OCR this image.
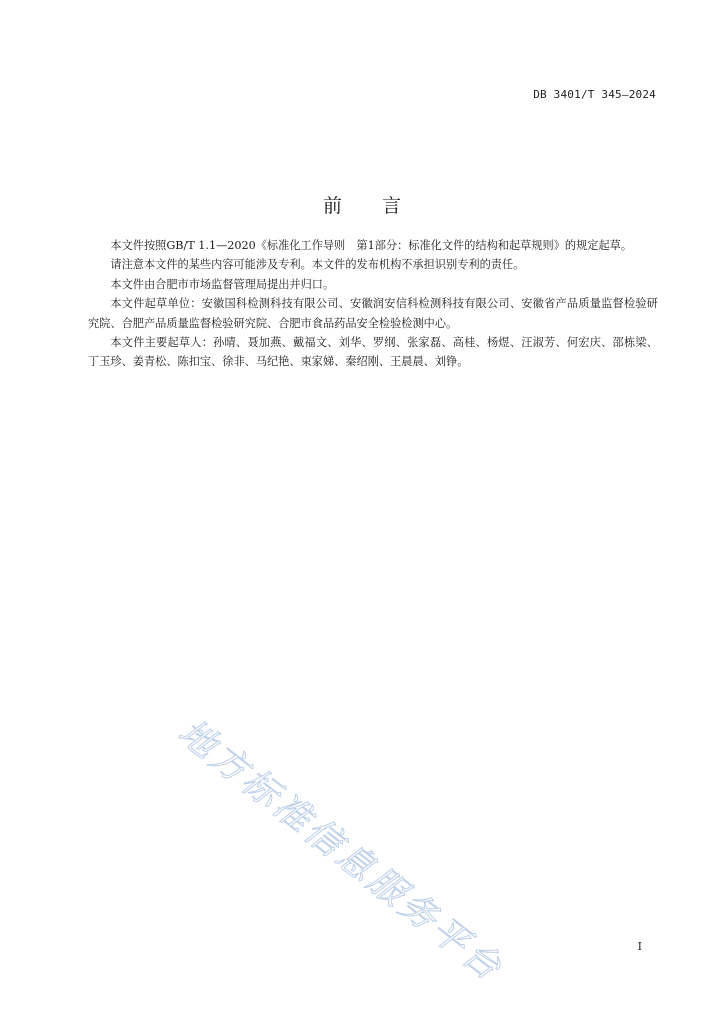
DB 3401/T 345—2024
前言

本文件按照GB/T 1.1—2020《标准化工作导则　第1部分：标准化文件的结构和起草规则》的规定起草。

请注意本文件的某些内容可能涉及专利。本文件的发布机构不承担识别专利的责任。

本文件由合肥市市场监督管理局提出并归口。

本文件起草单位：安徽国科检测科技有限公司、安徽润安信科检测科技有限公司、安徽省产品质量监督检验研究院、合肥产品质量监督检验研究院、合肥市食品药品安全检验检测中心。

本文件主要起草人：孙晴、聂加燕、戴福文、刘华、罗纲、张家磊、高桂、杨煜、汪淑芳、何宏庆、邵栋梁、丁玉珍、姜青松、陈扣宝、徐非、马纪艳、束家娣、秦绍刚、王晨晨、刘铮。

地方标准信息服务平台	I
